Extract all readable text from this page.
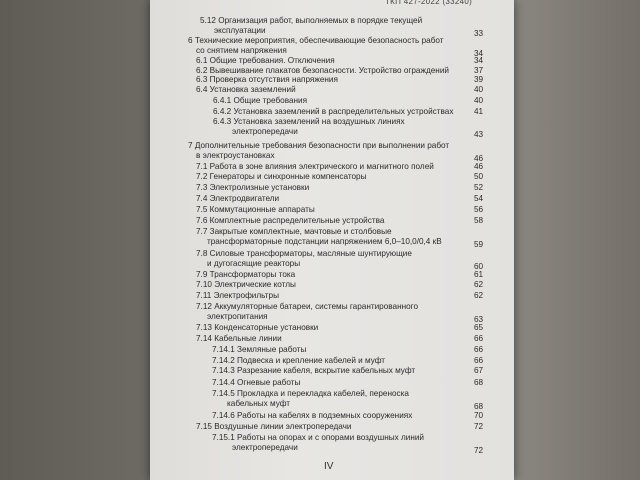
ТКП 427-2022 (33240)
5.12 Организация работ, выполняемых в порядке текущей
эксплуатации	33
6 Технические мероприятия, обеспечивающие безопасность работ
со снятием напряжения	34
6.1 Общие требования. Отключения	34
6.2 Вывешивание плакатов безопасности. Устройство ограждений	37
6.3 Проверка отсутствия напряжения	39
6.4 Установка заземлений	40
6.4.1 Общие требования	40
6.4.2 Установка заземлений в распределительных устройствах	41
6.4.3 Установка заземлений на воздушных линиях
электропередачи	43
7 Дополнительные требования безопасности при выполнении работ
в электроустановках	46
7.1 Работа в зоне влияния электрического и магнитного полей	46
7.2 Генераторы и синхронные компенсаторы	50
7.3 Электролизные установки	52
7.4 Электродвигатели	54
7.5 Коммутационные аппараты	56
7.6 Комплектные распределительные устройства	58
7.7 Закрытые комплектные, мачтовые и столбовые
трансформаторные подстанции напряжением 6,0–10,0/0,4 кВ	59
7.8 Силовые трансформаторы, масляные шунтирующие
и дугогасящие реакторы	60
7.9 Трансформаторы тока	61
7.10 Электрические котлы	62
7.11 Электрофильтры	62
7.12 Аккумуляторные батареи, системы гарантированного
электропитания	63
7.13 Конденсаторные установки	65
7.14 Кабельные линии	66
7.14.1 Земляные работы	66
7.14.2 Подвеска и крепление кабелей и муфт	66
7.14.3 Разрезание кабеля, вскрытие кабельных муфт	67
7.14.4 Огневые работы	68
7.14.5 Прокладка и перекладка кабелей, переноска
кабельных муфт	68
7.14.6 Работы на кабелях в подземных сооружениях	70
7.15 Воздушные линии электропередачи	72
7.15.1 Работы на опорах и с опорами воздушных линий
электропередачи	72
IV
